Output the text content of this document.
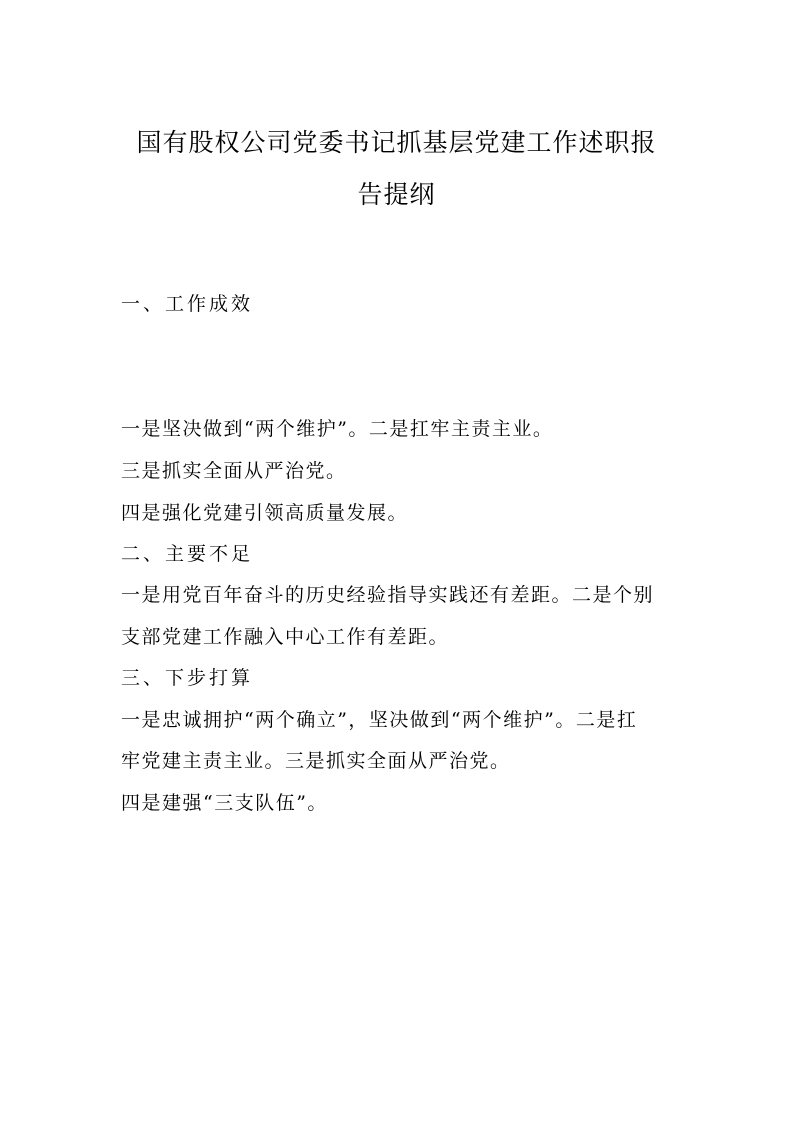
国有股权公司党委书记抓基层党建工作述职报
告提纲
一、工作成效
一是坚决做到“两个维护”。二是扛牢主责主业。
三是抓实全面从严治党。
四是强化党建引领高质量发展。
二、主要不足
一是用党百年奋斗的历史经验指导实践还有差距。二是个别
支部党建工作融入中心工作有差距。
三、下步打算
一是忠诚拥护“两个确立”，坚决做到“两个维护”。二是扛
牢党建主责主业。三是抓实全面从严治党。
四是建强“三支队伍”。
